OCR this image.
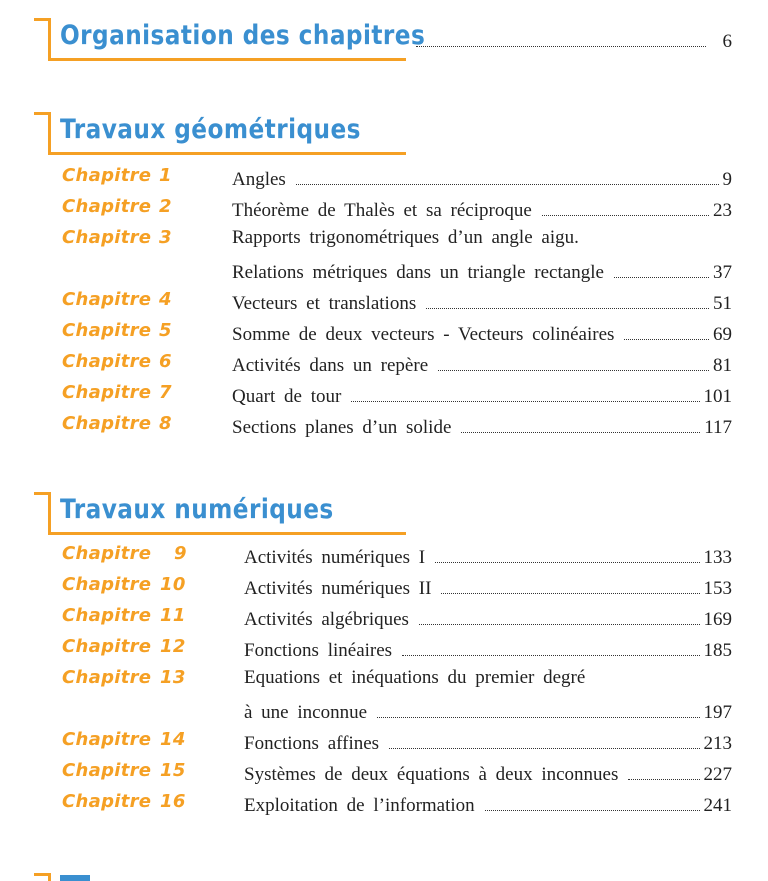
Organisation des chapitres	6
Travaux géométriques
Chapitre 1	Angles	9
Chapitre 2	Théorème de Thalès et sa réciproque	23
Chapitre 3	Rapports trigonométriques d’un angle aigu.
Relations métriques dans un triangle rectangle	37
Chapitre 4	Vecteurs et translations	51
Chapitre 5	Somme de deux vecteurs - Vecteurs colinéaires	69
Chapitre 6	Activités dans un repère	81
Chapitre 7	Quart de tour	101
Chapitre 8	Sections planes d’un solide	117
Travaux numériques
Chapitre 9	Activités numériques I	133
Chapitre 10	Activités numériques II	153
Chapitre 11	Activités algébriques	169
Chapitre 12	Fonctions linéaires	185
Chapitre 13	Equations et inéquations du premier degré
à une inconnue	197
Chapitre 14	Fonctions affines	213
Chapitre 15	Systèmes de deux équations à deux inconnues	227
Chapitre 16	Exploitation de l’information	241
